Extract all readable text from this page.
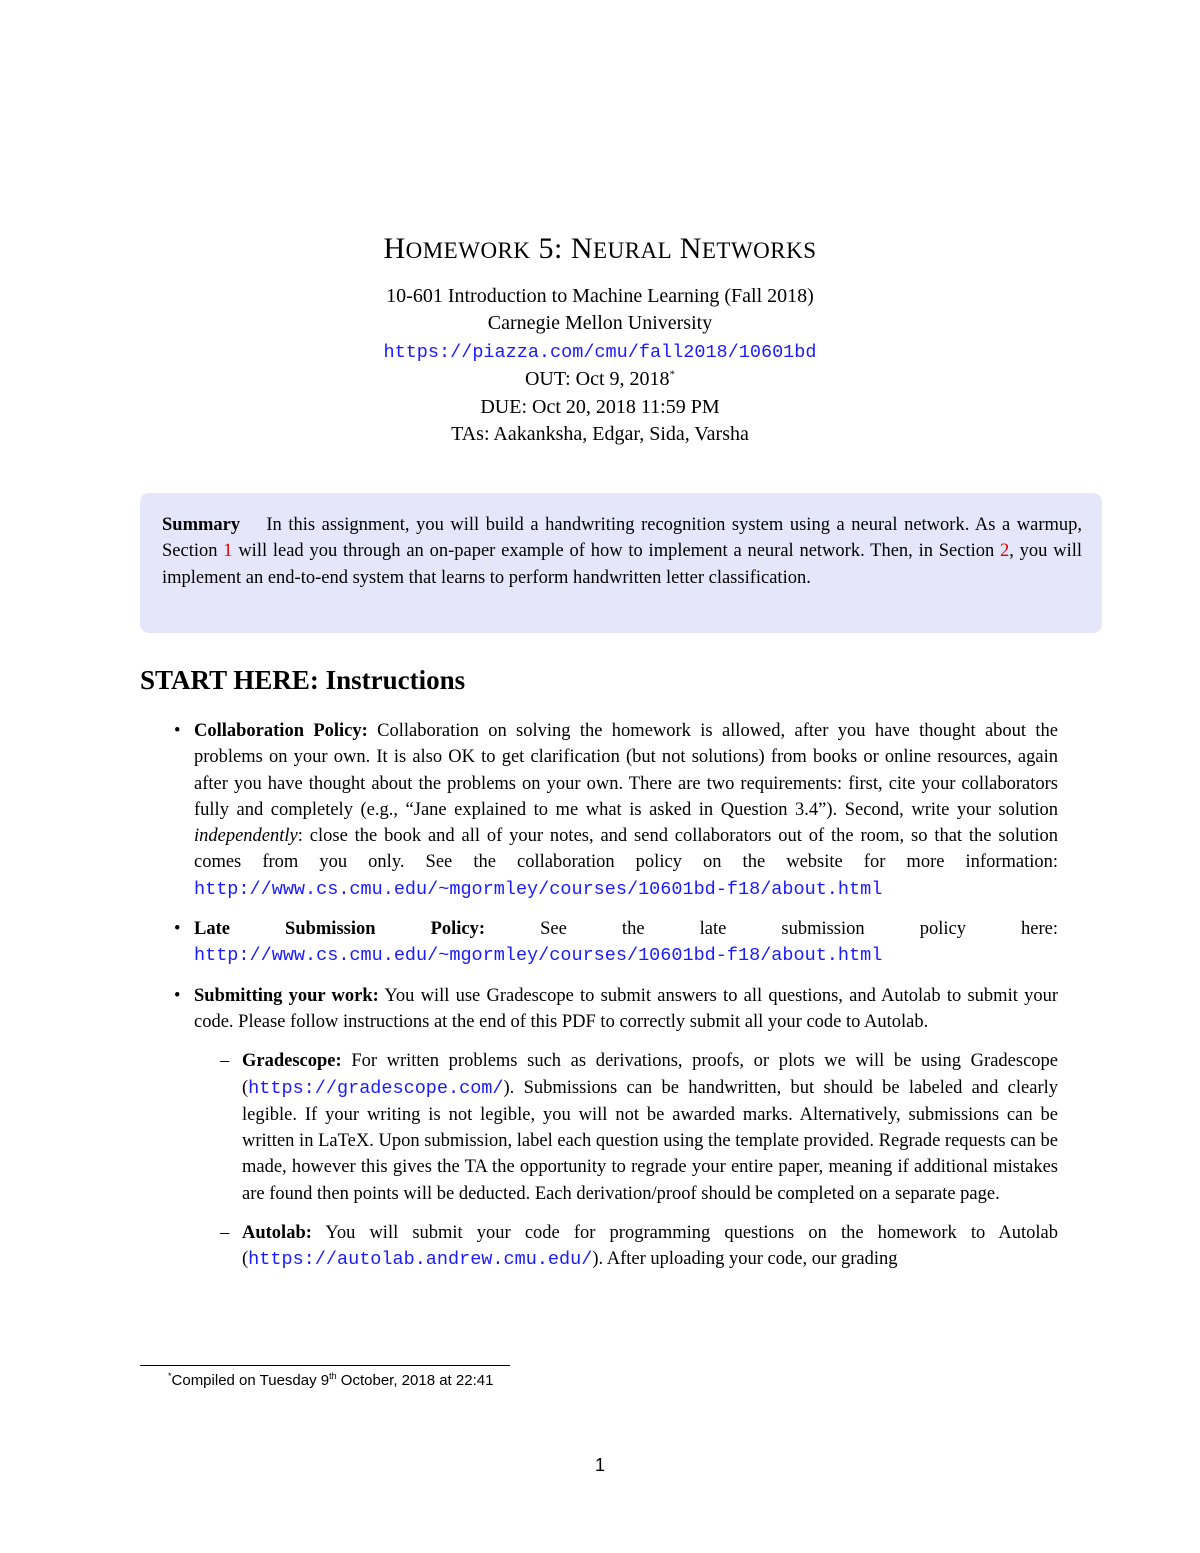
HOMEWORK 5: NEURAL NETWORKS
10-601 Introduction to Machine Learning (Fall 2018)
Carnegie Mellon University
https://piazza.com/cmu/fall2018/10601bd
OUT: Oct 9, 2018*
DUE: Oct 20, 2018 11:59 PM
TAs: Aakanksha, Edgar, Sida, Varsha
Summary In this assignment, you will build a handwriting recognition system using a neural network. As a warmup, Section 1 will lead you through an on-paper example of how to implement a neural network. Then, in Section 2, you will implement an end-to-end system that learns to perform handwritten letter classification.
START HERE: Instructions
• Collaboration Policy: Collaboration on solving the homework is allowed, after you have thought about the problems on your own. It is also OK to get clarification (but not solutions) from books or online resources, again after you have thought about the problems on your own. There are two requirements: first, cite your collaborators fully and completely (e.g., “Jane explained to me what is asked in Question 3.4”). Second, write your solution independently: close the book and all of your notes, and send collaborators out of the room, so that the solution comes from you only. See the collaboration policy on the website for more information: http://www.cs.cmu.edu/~mgormley/courses/10601bd-f18/about.html
• Late Submission Policy:	See the late submission policy here: http://www.cs.cmu.edu/~mgormley/courses/10601bd-f18/about.html
• Submitting your work: You will use Gradescope to submit answers to all questions, and Autolab to submit your code. Please follow instructions at the end of this PDF to correctly submit all your code to Autolab.
– Gradescope: For written problems such as derivations, proofs, or plots we will be using Gradescope (https://gradescope.com/). Submissions can be handwritten, but should be labeled and clearly legible. If your writing is not legible, you will not be awarded marks. Alternatively, submissions can be written in LaTeX. Upon submission, label each question using the template provided. Regrade requests can be made, however this gives the TA the opportunity to regrade your entire paper, meaning if additional mistakes are found then points will be deducted. Each derivation/proof should be completed on a separate page.
– Autolab: You will submit your code for programming questions on the homework to Autolab (https://autolab.andrew.cmu.edu/). After uploading your code, our grading
*Compiled on Tuesday 9th October, 2018 at 22:41
1
